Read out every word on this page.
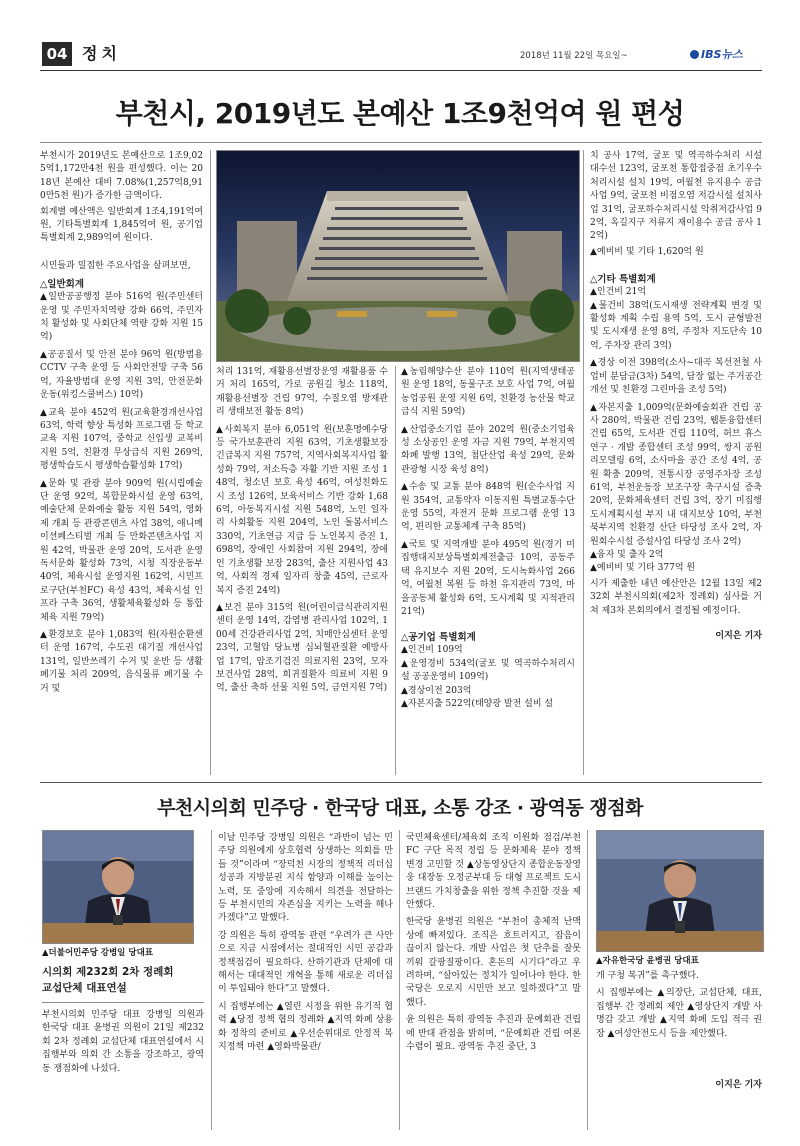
04 정치	2018년 11월 22일 목요일~	IBS뉴스
부천시, 2019년도 본예산 1조9천억여 원 편성

부천시가 2019년도 본예산으로 1조9,025억1,172만4천 원을 편성했다. 이는 2018년 본예산 대비 7.08%(1,257억8,910만5천 원)가 증가한 금액이다.

회계별 예산액은 일반회계 1조4,191억여 원, 기타특별회계 1,845억여 원, 공기업 특별회계 2,989억여 원이다.

시민들과 밀접한 주요사업을 살펴보면,

△일반회계

▲일반공공행정 분야 516억 원(주민센터 운영 및 주민자치역량 강화 66억, 주민자치 활성화 및 사회단체 역량 강화 지원 15억)

▲공공질서 및 안전 분야 96억 원(방범용 CCTV 구축 운영 등 사회안전망 구축 56억, 자율방범대 운영 지원 3억, 안전문화운동(위킹스쿨버스) 10억)

▲교육 분야 452억 원(교육환경개선사업 63억, 학력 향상 특성화 프로그램 등 학교 교육 지원 107억, 중학교 신입생 교복비 지원 5억, 친환경 무상급식 지원 269억, 평생학습도시 평생학습활성화 17억)

▲문화 및 관광 분야 909억 원(시립예술단 운영 92억, 복합문화시설 운영 63억, 예술단체 문화예술 활동 지원 54억, 영화제 개최 등 관광콘텐츠 사업 38억, 애니메이션페스티벌 개최 등 만화콘텐츠사업 지원 42억, 박물관 운영 20억, 도서관 운영 독서문화 활성화 73억, 시청 직장운동부 40억, 체육시설 운영지원 162억, 시민프로구단(부천FC) 육성 43억, 체육시설 인프라 구축 36억, 생활체육활성화 등 통합체육 지원 79억)

▲환경보호 분야 1,083억 원(자원순환센터 운영 167억, 수도권 대기질 개선사업 131억, 일반쓰레기 수거 및 운반 등 생활폐기물 처리 209억, 음식물류 폐기물 수거 및

처리 131억, 재활용선별장운영 재활용품 수거 처리 165억, 가로 공원길 청소 118억, 재활용선별장 건립 97억, 수질오염 방재관리 생태보전 활동 8억)

▲사회복지 분야 6,051억 원(보훈명예수당 등 국가보훈관리 지원 63억, 기초생활보장 긴급복지 지원 757억, 지역사회복지사업 활성화 79억, 저소득층 자활 기반 지원 조성 148억, 청소년 보호 육성 46억, 여성친화도시 조성 126억, 보육서비스 기반 강화 1,686억, 아동복지시설 지원 548억, 노인 일자리 사회활동 지원 204억, 노인 돌봄서비스 330억, 기초연금 지급 등 노인복지 증진 1,698억, 장애인 사회참여 지원 294억, 장애인 기초생활 보장 283억, 출산 지원사업 43억, 사회적 경제 일자리 창출 45억, 근로자복지 증진 24억)

▲보건 분야 315억 원(어린이급식관리지원센터 운영 14억, 감염병 관리사업 102억, 100세 건강관리사업 2억, 치매안심센터 운영 23억, 고혈압 당뇨병 심뇌혈관질환 예방사업 17억, 암조기검진 의료지원 23억, 모자보건사업 28억, 희귀질환자 의료비 지원 9억, 출산 축하 선물 지원 5억, 금연지원 7억)

▲농림해양수산 분야 110억 원(지역생태공원 운영 18억, 동물구조 보호 사업 7억, 여월농업공원 운영 지원 6억, 친환경 농산물 학교급식 지원 59억)

▲산업중소기업 분야 202억 원(중소기업육성 소상공인 운영 자금 지원 79억, 부천지역 화폐 발행 13억, 첨단산업 육성 29억, 문화관광형 시장 육성 8억)

▲수송 및 교통 분야 848억 원(순수사업 지원 354억, 교통약자 이동지원 특별교통수단 운영 55억, 자전거 문화 프로그램 운영 13억, 편리한 교통체계 구축 85억)

▲국토 및 지역개발 분야 495억 원(경기 미집행대지보상특별회계전출금 10억, 공동주택 유지보수 지원 20억, 도시녹화사업 266억, 여월천 복원 등 하천 유지관리 73억, 마을공동체 활성화 6억, 도시계획 및 지적관리 21억)

△공기업 특별회계

▲인건비 109억

▲운영경비 534억(굴포 및 역곡하수처리시설 공공운영비 109억)

▲경상이전 203억

▲자본지출 522억(태양광 발전 설비 설

치 공사 17억, 굴포 및 역곡하수처리 시설 대수선 123억, 굴포천 통합접중점 초기우수처리시설 설치 19억, 여월천 유지용수 공급사업 9억, 굴포천 비점오염 저감시설 설치사업 31억, 굴포하수처리시설 악취저감사업 92억, 옥길지구 저류지 재이용수 공급 공사 12억)

▲예비비 및 기타 1,620억 원

△기타 특별회계

▲인건비 21억

▲물건비 38억(도시재생 전략계획 변경 및 활성화 계획 수립 용역 5억, 도시 균형발전 및 도시재생 운영 8억, 주정차 지도단속 10억, 주차장 관리 3억)

▲경상 이전 398억(소사~대곡 복선전철 사업비 분담금(3차) 54억, 담장 없는 주거공간 개선 및 친환경 그린마을 조성 5억)

▲자본지출 1,009억(문화예술회관 건립 공사 280억, 박물관 건립 23억, 웹툰융합센터 건립 65억, 도서관 건립 110억, 허브 휴스 연구 · 개발 종합센터 조성 99억, 쌍지 공원 리모델링 6억, 소사마을 공간 조성 4억, 공원 확충 209억, 전통시장 공영주차장 조성 61억, 부천운동장 보조구장 축구시설 증축 20억, 문화체육센터 건립 3억, 장기 미집행도시계획시설 부지 내 대지보상 10억, 부천 북부지역 친환경 산단 타당성 조사 2억, 자원회수시설 증설사업 타당성 조사 2억)

▲융자 및 출자 2억

▲예비비 및 기타 377억 원

시가 제출한 내년 예산안은 12월 13일 제232회 부천시의회(제2차 정례회) 심사를 거쳐 제3차 본회의에서 결정될 예정이다.

이지은 기자
부천시의회 민주당 · 한국당 대표, 소통 강조 · 광역동 쟁점화
▲더불어민주당 강병일 당대표
시의회 제232회 2차 정례회
교섭단체 대표연설

부천시의회 민주당 대표 강병일 의원과 한국당 대표 윤병권 의원이 21일 제232회 2차 정례회 교섭단체 대표연설에서 시 집행부와 의회 간 소통을 강조하고, 광역동 쟁점화에 나섰다.

이날 민주당 강병일 의원은 “과반이 넘는 민주당 의원에게 상호협력 상생하는 의회를 만들 것”이라며 “장덕천 시장의 정책적 리더십 성공과 지방분권 지식 함양과 이해를 높이는 노력, 또 중앙에 지속해서 의견을 전달하는 등 부천시민의 자존심을 지키는 노력을 해나가겠다”고 말했다.

강 의원은 특히 광역동 관련 “우려가 큰 사안으로 지금 시점에서는 절대적인 시민 공감과 정책점검이 필요하다. 산하기관과 단체에 대해서는 대대적인 개혁을 통해 새로운 리더십이 투입돼야 한다”고 말했다.

시 집행부에는 ▲열린 시정을 위한 유기적 협력 ▲당정 정책 협의 정례화 ▲지역 화폐 상용화 정착의 준비로 ▲우선순위대로 안정적 복지정책 마련 ▲영화박물관/

국민체육센터/체육회 조직 이원화 점검/부천 FC 구단 목적 정립 등 문화체육 분야 정책 변경 고민할 것 ▲상동영상단지 종합운동장영웅 대장동 오정군부대 등 대형 프로젝트 도시브랜드 가치창출을 위한 정책 추진할 것을 제안했다.

한국당 윤병권 의원은 “부천이 총체적 난맥상에 빠져있다. 조직은 흐트러지고, 잡음이 끊이지 않는다. 개발 사업은 첫 단추를 잘못 끼워 갈팡질팡이다. 혼돈의 시기다”라고 우려하며, “살아있는 정치가 일어나야 한다. 한국당은 오로지 시민만 보고 일하겠다”고 말했다.

윤 의원은 특히 광역동 추진과 문예회관 건립에 반대 관점을 밝히며, “문예회관 건립 여론 수렴이 필요. 광역동 추진 중단, 3

▲자유한국당 윤병권 당대표

개 구청 복귀”를 촉구했다.

시 집행부에는 ▲의장단, 교섭단체, 대표, 집행부 간 정례회 제안 ▲영상단지 개발 사명감 갖고 개발 ▲지역 화폐 도입 적극 권장 ▲여성안전도시 등을 제안했다.

이지은 기자
